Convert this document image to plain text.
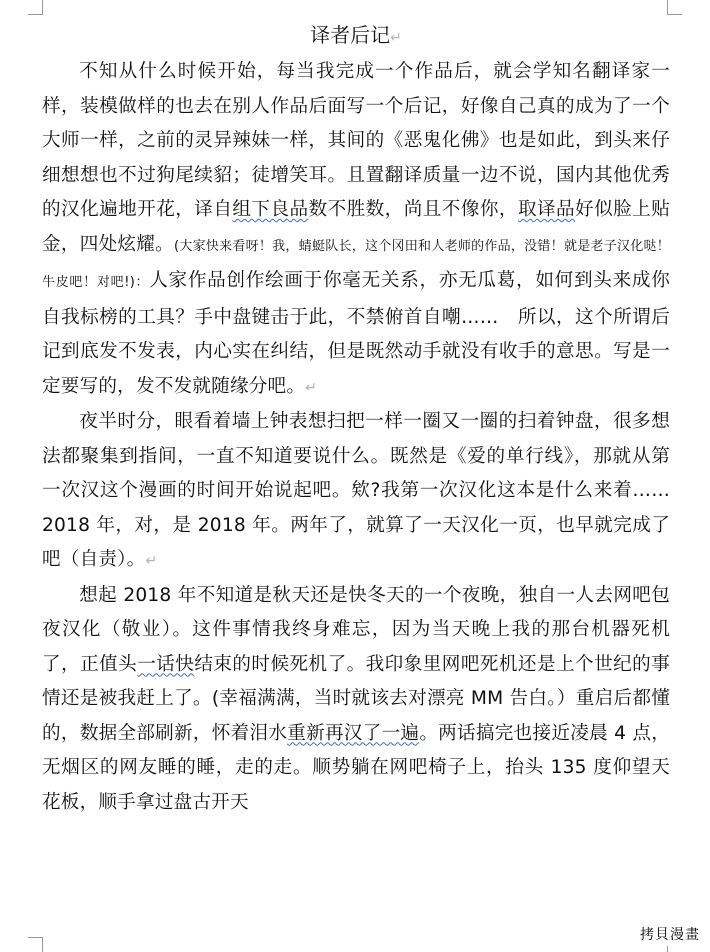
译者后记↵

不知从什么时候开始，每当我完成一个作品后，就会学知名翻译家一样，装模做样的也去在别人作品后面写一个后记，好像自己真的成为了一个大师一样，之前的灵异辣妹一样，其间的《恶鬼化佛》也是如此，到头来仔细想想也不过狗尾续貂；徒增笑耳。且置翻译质量一边不说，国内其他优秀的汉化遍地开花，译自组下良品数不胜数，尚且不像你，取译品好似脸上贴金，四处炫耀。(大家快来看呀！我，蜻蜓队长，这个冈田和人老师的作品，没错！就是老子汉化哒！牛皮吧！对吧!)：人家作品创作绘画于你毫无关系，亦无瓜葛，如何到头来成你自我标榜的工具？手中盘键击于此，不禁俯首自嘲……　所以，这个所谓后记到底发不发表，内心实在纠结，但是既然动手就没有收手的意思。写是一定要写的，发不发就随缘分吧。↵

夜半时分，眼看着墙上钟表想扫把一样一圈又一圈的扫着钟盘，很多想法都聚集到指间，一直不知道要说什么。既然是《爱的单行线》，那就从第一次汉这个漫画的时间开始说起吧。欸?我第一次汉化这本是什么来着……2018 年，对，是 2018 年。两年了，就算了一天汉化一页，也早就完成了吧（自责）。↵

想起 2018 年不知道是秋天还是快冬天的一个夜晚，独自一人去网吧包夜汉化（敬业）。这件事情我终身难忘，因为当天晚上我的那台机器死机了，正值头一话快结束的时候死机了。我印象里网吧死机还是上个世纪的事情还是被我赶上了。(幸福满满，当时就该去对漂亮 MM 告白。）重启后都懂的，数据全部刷新，怀着泪水重新再汉了一遍。两话搞完也接近凌晨 4 点，无烟区的网友睡的睡，走的走。顺势躺在网吧椅子上，抬头 135 度仰望天花板，顺手拿过盘古开天

拷貝漫畫
